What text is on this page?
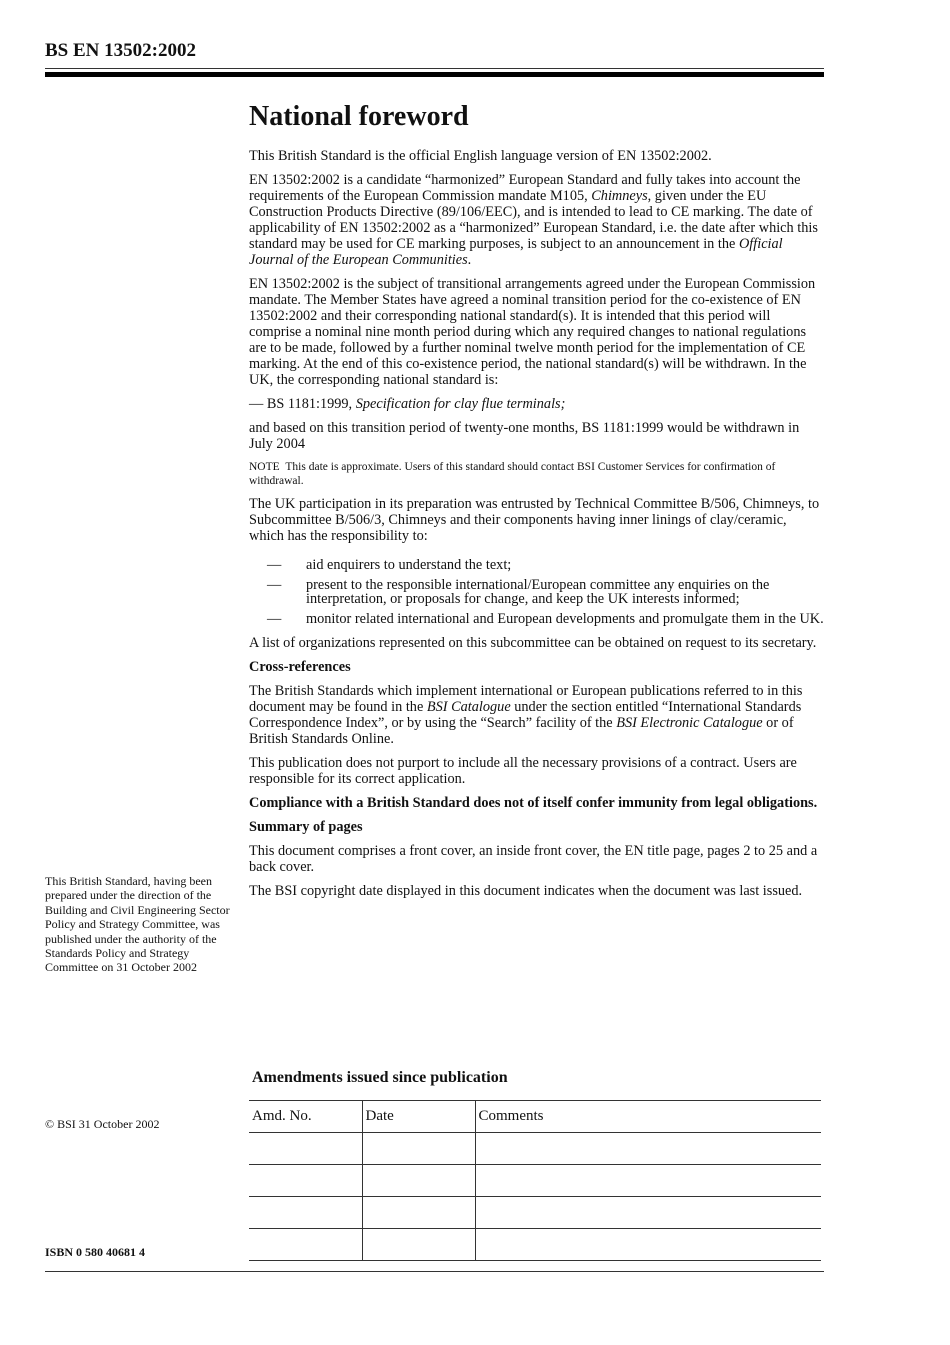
BS EN 13502:2002
National foreword

This British Standard is the official English language version of EN 13502:2002.

EN 13502:2002 is a candidate “harmonized” European Standard and fully takes into account the requirements of the European Commission mandate M105, Chimneys, given under the EU Construction Products Directive (89/106/EEC), and is intended to lead to CE marking. The date of applicability of EN 13502:2002 as a “harmonized” European Standard, i.e. the date after which this standard may be used for CE marking purposes, is subject to an announcement in the Official Journal of the European Communities.

EN 13502:2002 is the subject of transitional arrangements agreed under the European Commission mandate. The Member States have agreed a nominal transition period for the co-existence of EN 13502:2002 and their corresponding national standard(s). It is intended that this period will comprise a nominal nine month period during which any required changes to national regulations are to be made, followed by a further nominal twelve month period for the implementation of CE marking. At the end of this co-existence period, the national standard(s) will be withdrawn. In the UK, the corresponding national standard is:

— BS 1181:1999, Specification for clay flue terminals;

and based on this transition period of twenty-one months, BS 1181:1999 would be withdrawn in July 2004

NOTE  This date is approximate. Users of this standard should contact BSI Customer Services for confirmation of withdrawal.

The UK participation in its preparation was entrusted by Technical Committee B/506, Chimneys, to Subcommittee B/506/3, Chimneys and their components having inner linings of clay/ceramic, which has the responsibility to:

— aid enquirers to understand the text;
— present to the responsible international/European committee any enquiries on the interpretation, or proposals for change, and keep the UK interests informed;
— monitor related international and European developments and promulgate them in the UK.

A list of organizations represented on this subcommittee can be obtained on request to its secretary.

Cross-references

The British Standards which implement international or European publications referred to in this document may be found in the BSI Catalogue under the section entitled “International Standards Correspondence Index”, or by using the “Search” facility of the BSI Electronic Catalogue or of British Standards Online.

This publication does not purport to include all the necessary provisions of a contract. Users are responsible for its correct application.

Compliance with a British Standard does not of itself confer immunity from legal obligations.

Summary of pages

This document comprises a front cover, an inside front cover, the EN title page, pages 2 to 25 and a back cover.

The BSI copyright date displayed in this document indicates when the document was last issued.

This British Standard, having been prepared under the direction of the Building and Civil Engineering Sector Policy and Strategy Committee, was published under the authority of the Standards Policy and Strategy Committee on 31 October 2002
© BSI 31 October 2002
ISBN 0 580 40681 4
Amendments issued since publication
Amd. No.	Date	Comments
